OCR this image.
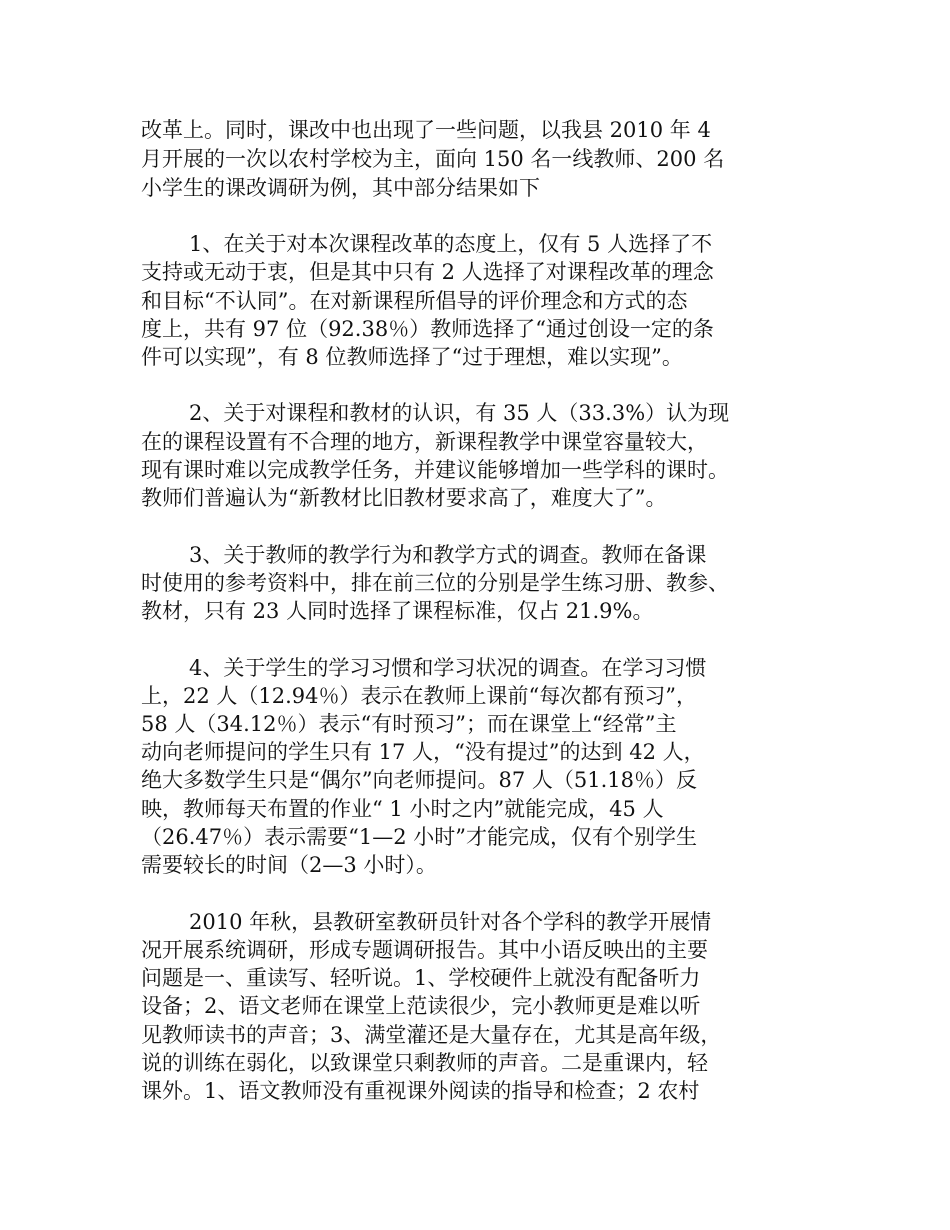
改革上。同时，课改中也出现了一些问题，以我县 2010 年 4
月开展的一次以农村学校为主，面向 150 名一线教师、200 名
小学生的课改调研为例，其中部分结果如下
1、在关于对本次课程改革的态度上，仅有 5 人选择了不
支持或无动于衷，但是其中只有 2 人选择了对课程改革的理念
和目标“不认同”。在对新课程所倡导的评价理念和方式的态
度上，共有 97 位（92.38％）教师选择了“通过创设一定的条
件可以实现”，有 8 位教师选择了“过于理想，难以实现”。
2、关于对课程和教材的认识，有 35 人（33.3%）认为现
在的课程设置有不合理的地方，新课程教学中课堂容量较大，
现有课时难以完成教学任务，并建议能够增加一些学科的课时。
教师们普遍认为“新教材比旧教材要求高了，难度大了”。
3、关于教师的教学行为和教学方式的调查。教师在备课
时使用的参考资料中，排在前三位的分别是学生练习册、教参、
教材，只有 23 人同时选择了课程标准，仅占 21.9%。
4、关于学生的学习习惯和学习状况的调查。在学习习惯
上，22 人（12.94％）表示在教师上课前“每次都有预习”，
58 人（34.12％）表示“有时预习”；而在课堂上“经常”主
动向老师提问的学生只有 17 人，“没有提过”的达到 42 人，
绝大多数学生只是“偶尔”向老师提问。87 人（51.18％）反
映，教师每天布置的作业“ 1 小时之内”就能完成，45 人
（26.47％）表示需要“1—2 小时”才能完成，仅有个别学生
需要较长的时间（2—3 小时）。
2010 年秋，县教研室教研员针对各个学科的教学开展情
况开展系统调研，形成专题调研报告。其中小语反映出的主要
问题是一、重读写、轻听说。1、学校硬件上就没有配备听力
设备；2、语文老师在课堂上范读很少，完小教师更是难以听
见教师读书的声音；3、满堂灌还是大量存在，尤其是高年级，
说的训练在弱化，以致课堂只剩教师的声音。二是重课内，轻
课外。1、语文教师没有重视课外阅读的指导和检查；2 农村
